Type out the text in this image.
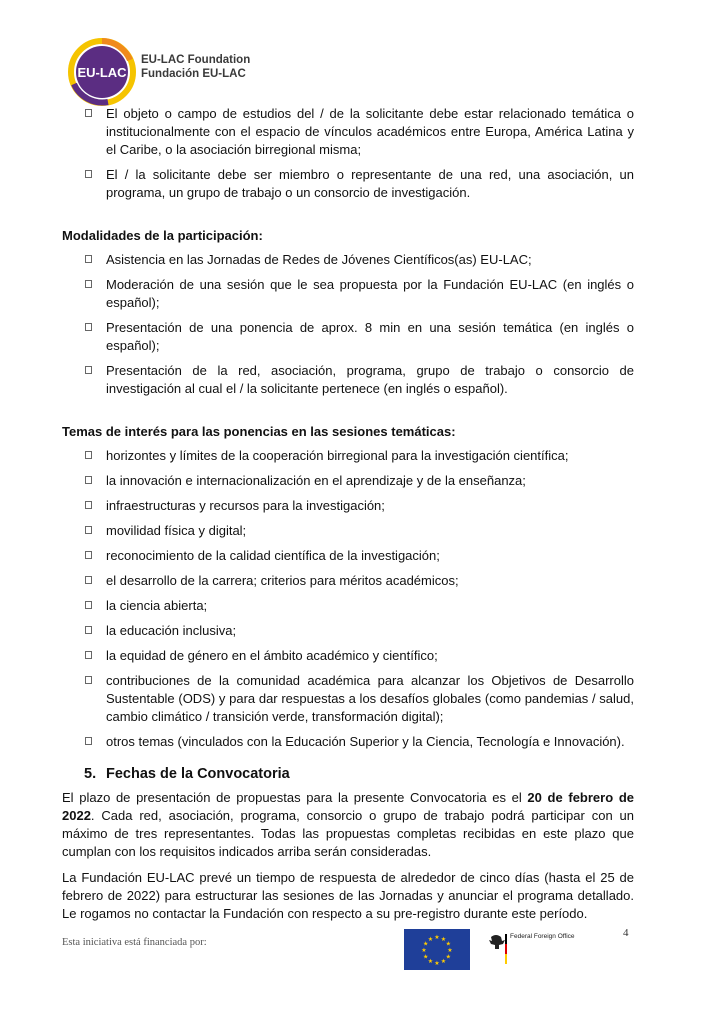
EU-LAC
EU-LAC Foundation
Fundación EU-LAC
El objeto o campo de estudios del / de la solicitante debe estar relacionado temática o institucionalmente con el espacio de vínculos académicos entre Europa, América Latina y el Caribe, o la asociación birregional misma;
El / la solicitante debe ser miembro o representante de una red, una asociación, un programa, un grupo de trabajo o un consorcio de investigación.

Modalidades de la participación:

Asistencia en las Jornadas de Redes de Jóvenes Científicos(as) EU-LAC;
Moderación de una sesión que le sea propuesta por la Fundación EU-LAC (en inglés o español);
Presentación de una ponencia de aprox. 8 min en una sesión temática (en inglés o español);
Presentación de la red, asociación, programa, grupo de trabajo o consorcio de investigación al cual el / la solicitante pertenece (en inglés o español).

Temas de interés para las ponencias en las sesiones temáticas:

horizontes y límites de la cooperación birregional para la investigación científica;
la innovación e internacionalización en el aprendizaje y de la enseñanza;
infraestructuras y recursos para la investigación;
movilidad física y digital;
reconocimiento de la calidad científica de la investigación;
el desarrollo de la carrera; criterios para méritos académicos;
la ciencia abierta;
la educación inclusiva;
la equidad de género en el ámbito académico y científico;
contribuciones de la comunidad académica para alcanzar los Objetivos de Desarrollo Sustentable (ODS) y para dar respuestas a los desafíos globales (como pandemias / salud, cambio climático / transición verde, transformación digital);
otros temas (vinculados con la Educación Superior y la Ciencia, Tecnología e Innovación).

5. Fechas de la Convocatoria

El plazo de presentación de propuestas para la presente Convocatoria es el 20 de febrero de 2022. Cada red, asociación, programa, consorcio o grupo de trabajo podrá participar con un máximo de tres representantes. Todas las propuestas completas recibidas en este plazo que cumplan con los requisitos indicados arriba serán consideradas.

La Fundación EU-LAC prevé un tiempo de respuesta de alrededor de cinco días (hasta el 25 de febrero de 2022) para estructurar las sesiones de las Jornadas y anunciar el programa detallado. Le rogamos no contactar la Fundación con respecto a su pre-registro durante este período.

Esta iniciativa está financiada por:
4
★ ★
★
★
★
★
★
★
★
★
★
★	Federal Foreign Office
